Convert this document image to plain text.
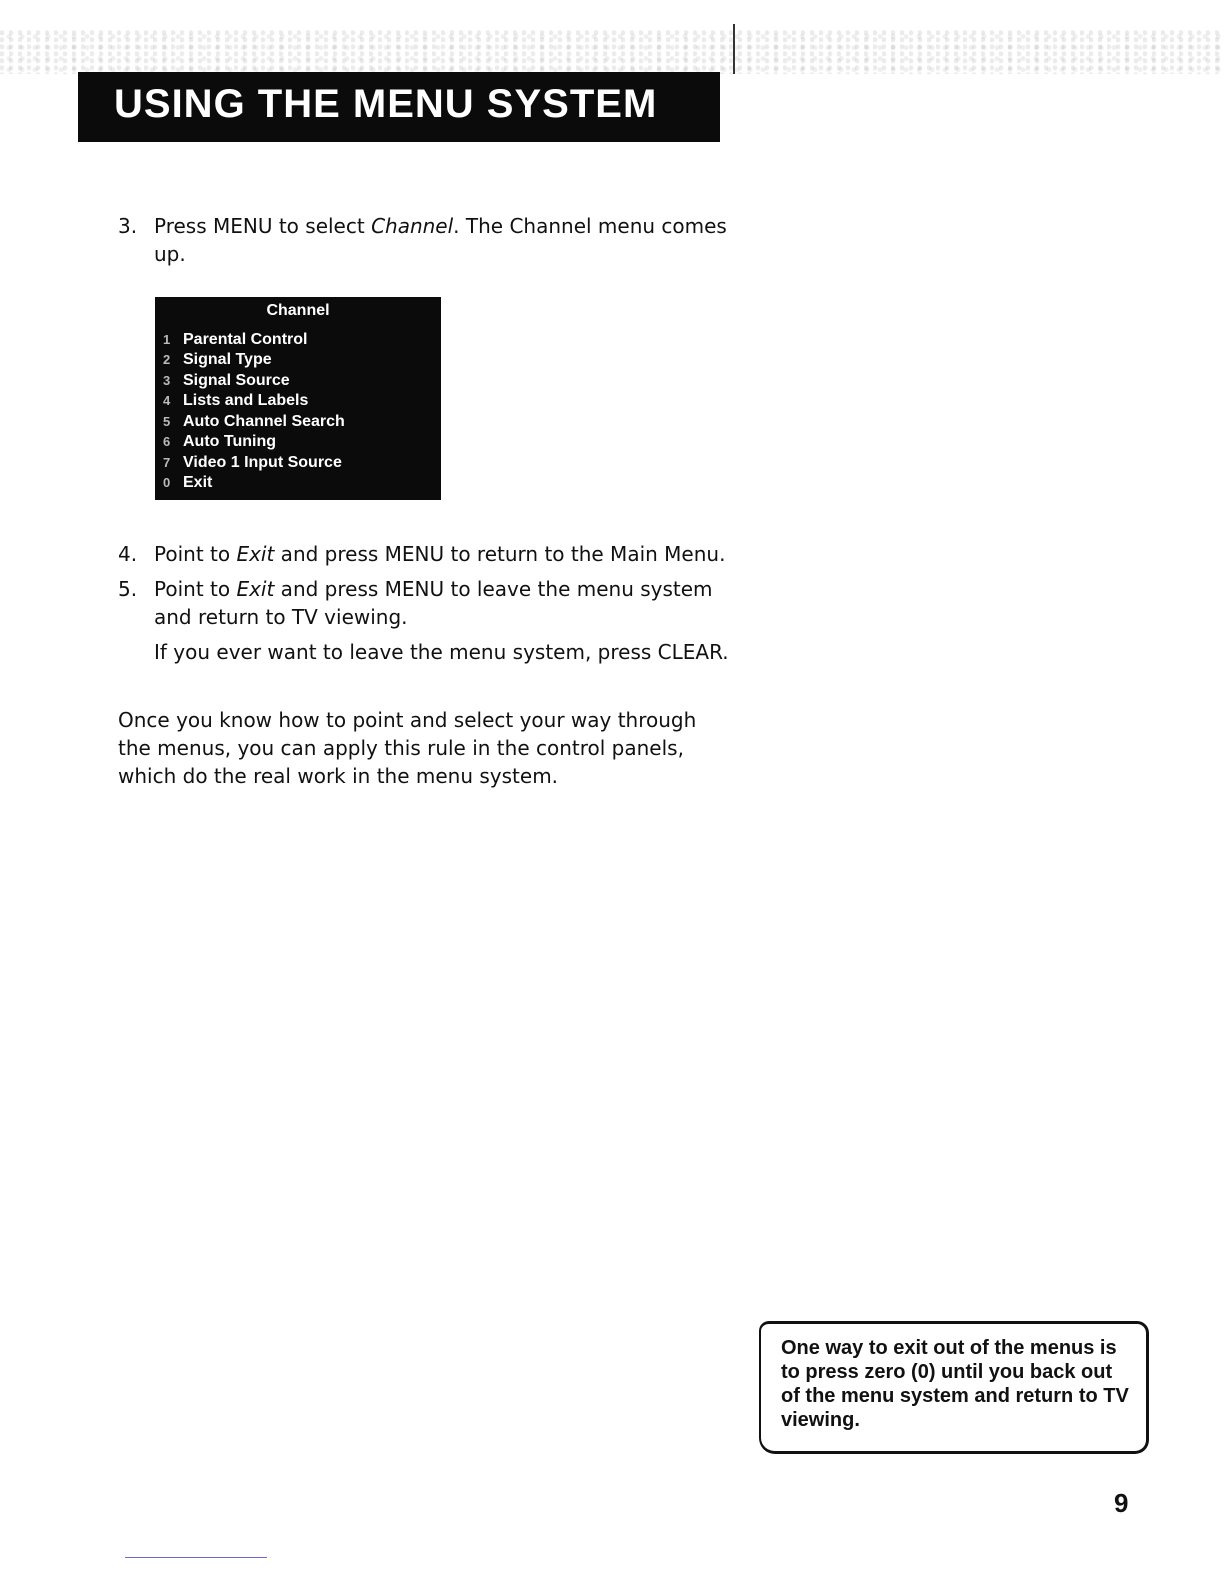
USING THE MENU SYSTEM
3. Press MENU to select Channel. The Channel menu comes
up.
Channel
1 Parental Control
2 Signal Type
3 Signal Source
4 Lists and Labels
5 Auto Channel Search
6 Auto Tuning
7 Video 1 Input Source
0 Exit
4. Point to Exit and press MENU to return to the Main Menu.
5. Point to Exit and press MENU to leave the menu system
and return to TV viewing.
If you ever want to leave the menu system, press CLEAR.
Once you know how to point and select your way through the menus, you can apply this rule in the control panels, which do the real work in the menu system.
One way to exit out of the menus is to press zero (0) until you back out of the menu system and return to TV viewing.
9
